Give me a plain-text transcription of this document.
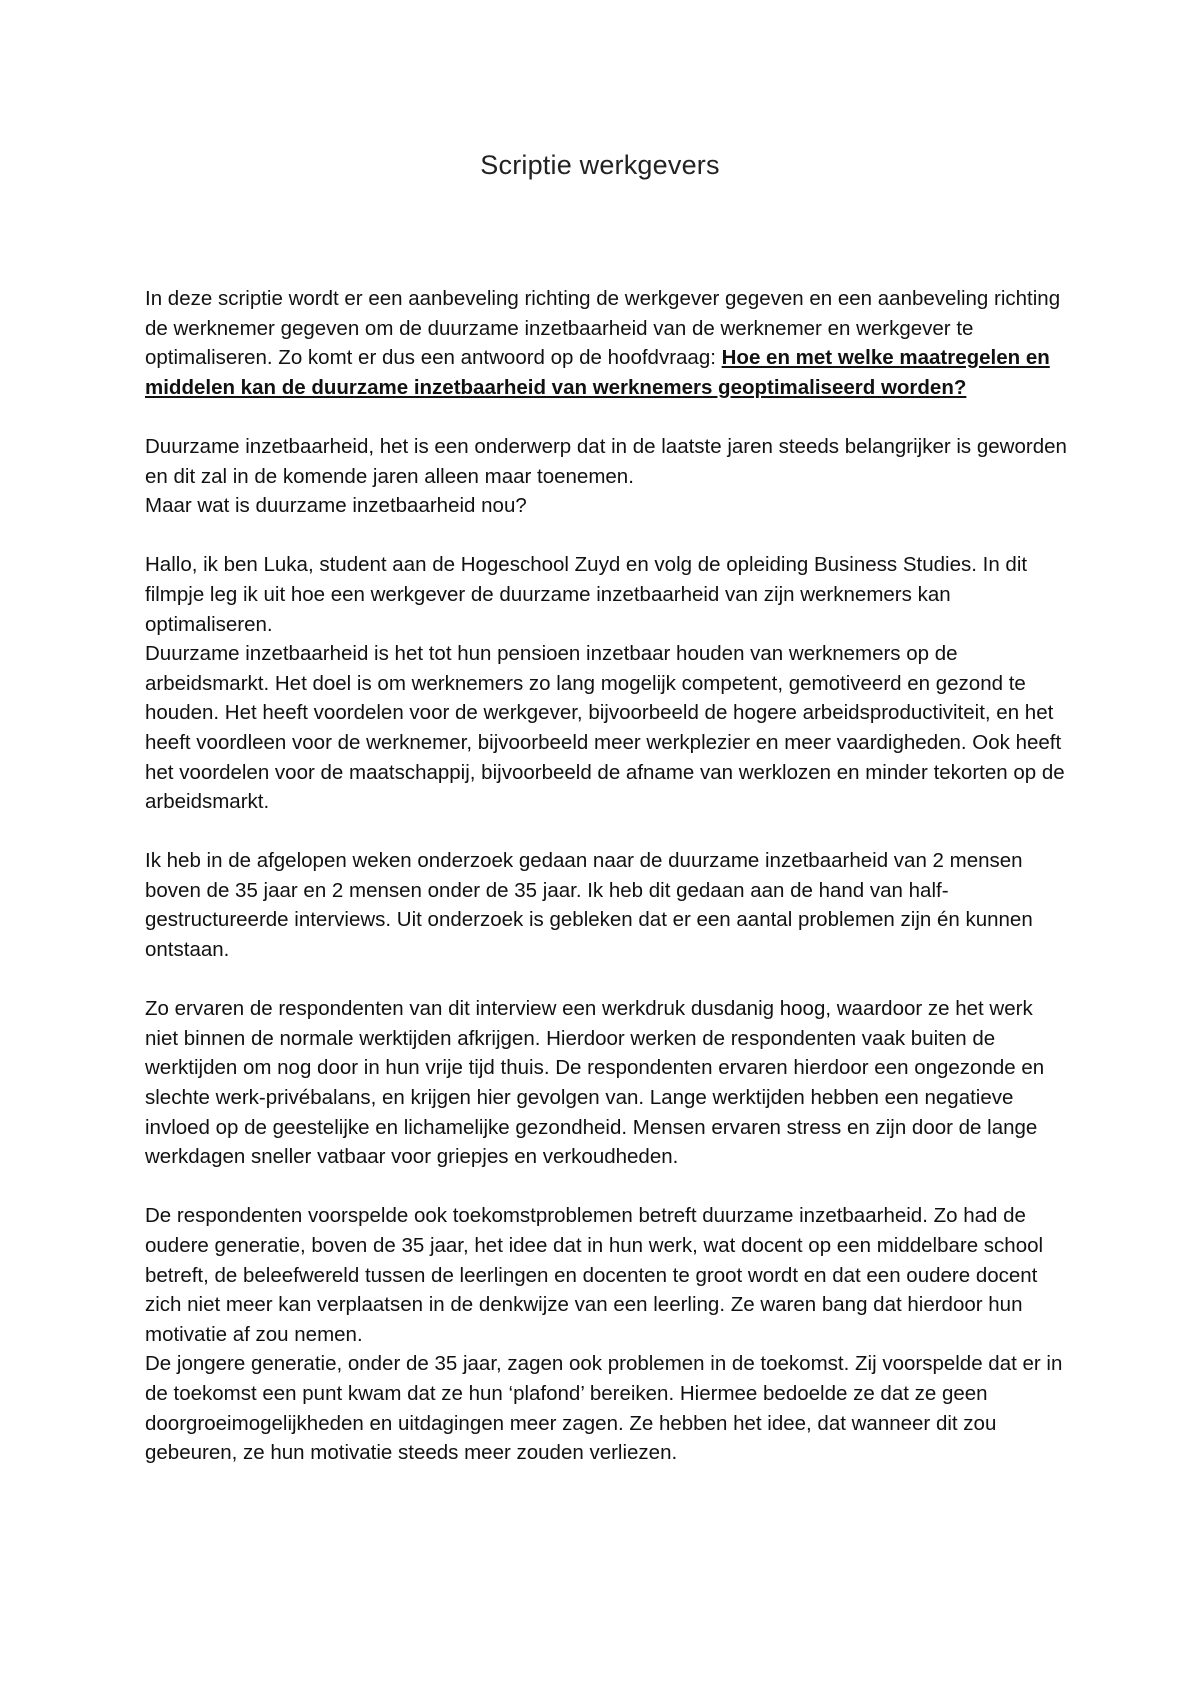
Scriptie werkgevers

In deze scriptie wordt er een aanbeveling richting de werkgever gegeven en een aanbeveling richting de werknemer gegeven om de duurzame inzetbaarheid van de werknemer en werkgever te optimaliseren. Zo komt er dus een antwoord op de hoofdvraag: Hoe en met welke maatregelen en middelen kan de duurzame inzetbaarheid van werknemers geoptimaliseerd worden?

Duurzame inzetbaarheid, het is een onderwerp dat in de laatste jaren steeds belangrijker is geworden en dit zal in de komende jaren alleen maar toenemen.
Maar wat is duurzame inzetbaarheid nou?

Hallo, ik ben Luka, student aan de Hogeschool Zuyd en volg de opleiding Business Studies. In dit filmpje leg ik uit hoe een werkgever de duurzame inzetbaarheid van zijn werknemers kan optimaliseren.
Duurzame inzetbaarheid is het tot hun pensioen inzetbaar houden van werknemers op de arbeidsmarkt. Het doel is om werknemers zo lang mogelijk competent, gemotiveerd en gezond te houden. Het heeft voordelen voor de werkgever, bijvoorbeeld de hogere arbeidsproductiviteit, en het heeft voordleen voor de werknemer, bijvoorbeeld meer werkplezier en meer vaardigheden. Ook heeft het voordelen voor de maatschappij, bijvoorbeeld de afname van werklozen en minder tekorten op de arbeidsmarkt.

Ik heb in de afgelopen weken onderzoek gedaan naar de duurzame inzetbaarheid van 2 mensen boven de 35 jaar en 2 mensen onder de 35 jaar. Ik heb dit gedaan aan de hand van half-gestructureerde interviews. Uit onderzoek is gebleken dat er een aantal problemen zijn én kunnen ontstaan.

Zo ervaren de respondenten van dit interview een werkdruk dusdanig hoog, waardoor ze het werk niet binnen de normale werktijden afkrijgen. Hierdoor werken de respondenten vaak buiten de werktijden om nog door in hun vrije tijd thuis. De respondenten ervaren hierdoor een ongezonde en slechte werk-privébalans, en krijgen hier gevolgen van. Lange werktijden hebben een negatieve invloed op de geestelijke en lichamelijke gezondheid. Mensen ervaren stress en zijn door de lange werkdagen sneller vatbaar voor griepjes en verkoudheden.

De respondenten voorspelde ook toekomstproblemen betreft duurzame inzetbaarheid. Zo had de oudere generatie, boven de 35 jaar, het idee dat in hun werk, wat docent op een middelbare school betreft, de beleefwereld tussen de leerlingen en docenten te groot wordt en dat een oudere docent zich niet meer kan verplaatsen in de denkwijze van een leerling. Ze waren bang dat hierdoor hun motivatie af zou nemen.
De jongere generatie, onder de 35 jaar, zagen ook problemen in de toekomst. Zij voorspelde dat er in de toekomst een punt kwam dat ze hun ‘plafond’ bereiken. Hiermee bedoelde ze dat ze geen doorgroeimogelijkheden en uitdagingen meer zagen. Ze hebben het idee, dat wanneer dit zou gebeuren, ze hun motivatie steeds meer zouden verliezen.
